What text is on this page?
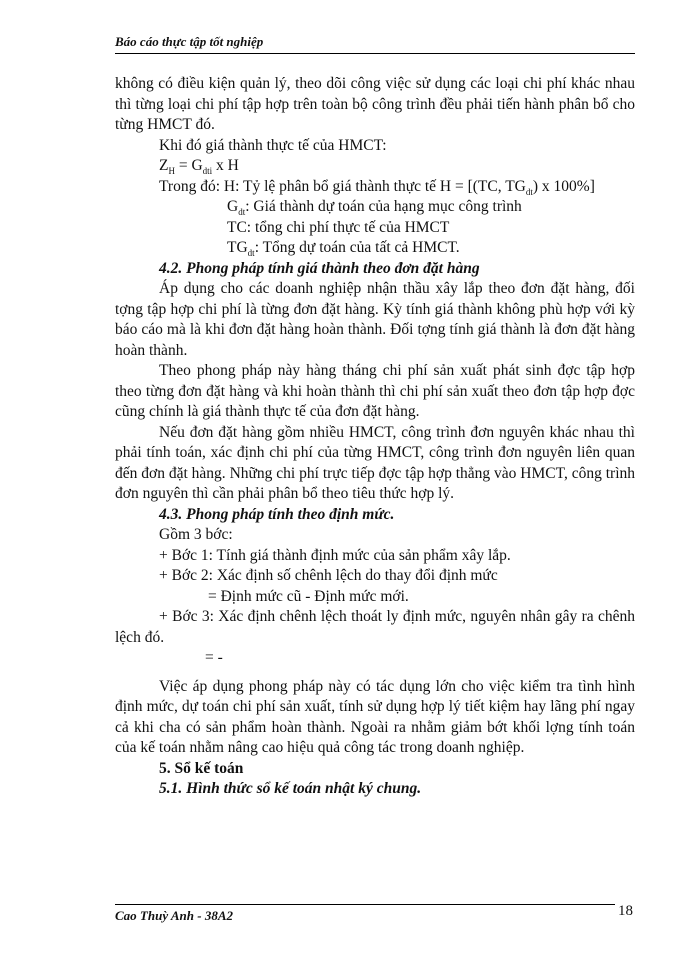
Báo cáo thực tập tốt nghiệp

không có điều kiện quản lý, theo dõi công việc sử dụng các loại chi phí khác nhau thì từng loại chi phí tập hợp trên toàn bộ công trình đều phải tiến hành phân bổ cho từng HMCT đó.

Khi đó giá thành thực tế của HMCT:

$Z_H = G_{dti}$ x H

Trong đó: H: Tỷ lệ phân bổ giá thành thực tế H = [(TC, $TG_{dt}$) x 100%]

$G_{dt}$: Giá thành dự toán của hạng mục công trình

TC: tổng chi phí thực tế của HMCT

$TG_{dt}$: Tổng dự toán của tất cả HMCT.

4.2. Phong pháp tính giá thành theo đơn đặt hàng

Áp dụng cho các doanh nghiệp nhận thầu xây lắp theo đơn đặt hàng, đối tợng tập hợp chi phí là từng đơn đặt hàng. Kỳ tính giá thành không phù hợp với kỳ báo cáo mà là khi đơn đặt hàng hoàn thành. Đối tợng tính giá thành là đơn đặt hàng hoàn thành.

Theo phong pháp này hàng tháng chi phí sản xuất phát sinh đợc tập hợp theo từng đơn đặt hàng và khi hoàn thành thì chi phí sản xuất theo đơn tập hợp đợc cũng chính là giá thành thực tế của đơn đặt hàng.

Nếu đơn đặt hàng gồm nhiều HMCT, công trình đơn nguyên khác nhau thì phải tính toán, xác định chi phí của từng HMCT, công trình đơn nguyên liên quan đến đơn đặt hàng. Những chi phí trực tiếp đợc tập hợp thẳng vào HMCT, công trình đơn nguyên thì cần phải phân bổ theo tiêu thức hợp lý.

4.3. Phong pháp tính theo định mức.

Gồm 3 bớc:

+ Bớc 1: Tính giá thành định mức của sản phẩm xây lắp.

+ Bớc 2: Xác định số chênh lệch do thay đổi định mức

= Định mức cũ - Định mức mới.

+ Bớc 3: Xác định chênh lệch thoát ly định mức, nguyên nhân gây ra chênh lệch đó.

= -

Việc áp dụng phong pháp này có tác dụng lớn cho việc kiểm tra tình hình định mức, dự toán chi phí sản xuất, tính sử dụng hợp lý tiết kiệm hay lãng phí ngay cả khi cha có sản phẩm hoàn thành. Ngoài ra nhằm giảm bớt khối lợng tính toán của kế toán nhằm nâng cao hiệu quả công tác trong doanh nghiệp.

5. Sổ kế toán

5.1. Hình thức sổ kế toán nhật ký chung.

Cao Thuỳ Anh - 38A2	18
